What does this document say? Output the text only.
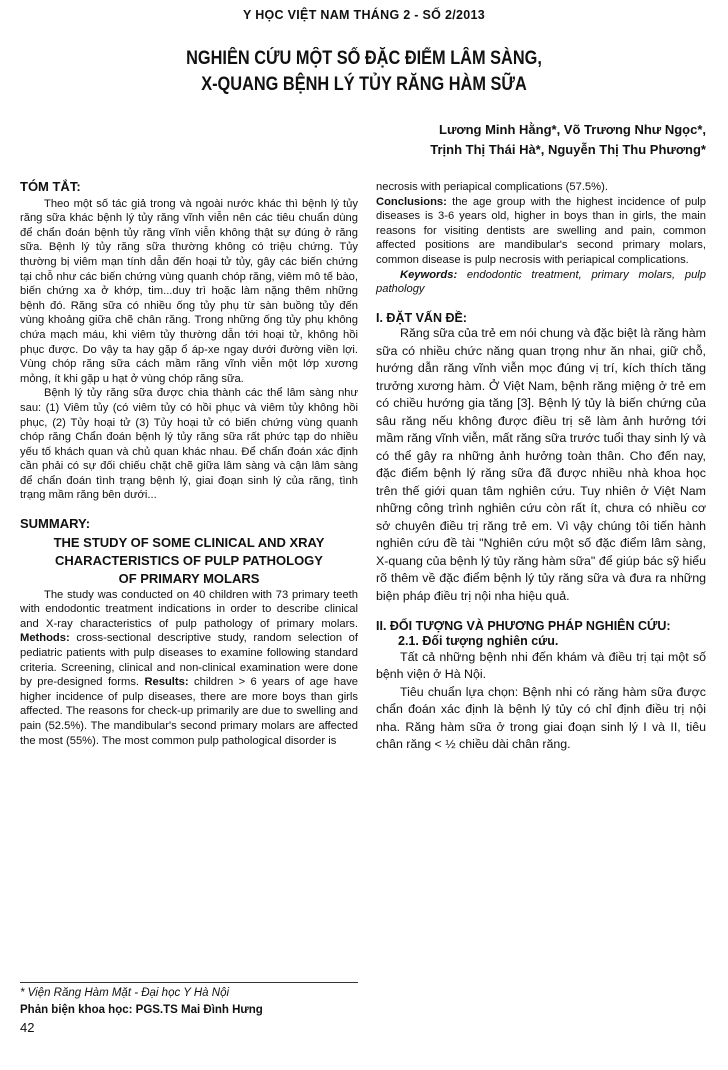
Y HỌC VIỆT NAM THÁNG 2 - SỐ 2/2013
NGHIÊN CỨU MỘT SỐ ĐẶC ĐIỂM LÂM SÀNG,
X-QUANG BỆNH LÝ TỦY RĂNG HÀM SỮA
Lương Minh Hằng*, Võ Trương Như Ngọc*,
Trịnh Thị Thái Hà*, Nguyễn Thị Thu Phương*

TÓM TẮT:

Theo một số tác giả trong và ngoài nước khác thì bệnh lý tủy răng sữa khác bệnh lý tủy răng vĩnh viễn nên các tiêu chuẩn dùng để chẩn đoán bệnh tủy răng vĩnh viễn không thật sự đúng ở răng sữa. Bệnh lý tủy răng sữa thường không có triệu chứng. Tủy thường bị viêm mạn tính dẫn đến hoại tử tủy, gây các biến chứng tại chỗ như các biến chứng vùng quanh chóp răng, viêm mô tế bào, biến chứng xa ở khớp, tim...duy trì hoặc làm nặng thêm những bệnh đó. Răng sữa có nhiều ống tủy phụ từ sàn buồng tủy đến vùng khoảng giữa chẽ chân răng. Trong những ống tủy phụ không chứa mạch máu, khi viêm tủy thường dẫn tới hoại tử, không hồi phục được. Do vậy ta hay gặp ổ áp-xe ngay dưới đường viền lợi. Vùng chóp răng sữa cách mầm răng vĩnh viễn một lớp xương mỏng, ít khi gặp u hạt ở vùng chóp răng sữa.

Bệnh lý tủy răng sữa được chia thành các thể lâm sàng như sau: (1) Viêm tủy (có viêm tủy có hồi phục và viêm tủy không hồi phục, (2) Tủy hoại tử (3) Tủy hoại tử có biến chứng vùng quanh chóp răng Chẩn đoán bệnh lý tủy răng sữa rất phức tạp do nhiều yếu tố khách quan và chủ quan khác nhau. Để chẩn đoán xác định cần phải có sự đối chiếu chặt chẽ giữa lâm sàng và cận lâm sàng để chẩn đoán tình trạng bệnh lý, giai đoạn sinh lý của răng, tình trạng mầm răng bên dưới...

SUMMARY:

THE STUDY OF SOME CLINICAL AND XRAY

CHARACTERISTICS OF PULP PATHOLOGY

OF PRIMARY MOLARS

The study was conducted on 40 children with 73 primary teeth with endodontic treatment indications in order to describe clinical and X-ray characteristics of pulp pathology of primary molars. Methods: cross-sectional descriptive study, random selection of pediatric patients with pulp diseases to examine following standard criteria. Screening, clinical and non-clinical examination were done by pre-designed forms. Results: children > 6 years of age have higher incidence of pulp diseases, there are more boys than girls affected. The reasons for check-up primarily are due to swelling and pain (52.5%). The mandibular's second primary molars are affected the most (55%). The most common pulp pathological disorder is

necrosis with periapical complications (57.5%).

Conclusions: the age group with the highest incidence of pulp diseases is 3-6 years old, higher in boys than in girls, the main reasons for visiting dentists are swelling and pain, common affected positions are mandibular's second primary molars, common disease is pulp necrosis with periapical complications.

Keywords: endodontic treatment, primary molars, pulp pathology

I. ĐẶT VẤN ĐỀ:

Răng sữa của trẻ em nói chung và đặc biệt là răng hàm sữa có nhiều chức năng quan trọng như ăn nhai, giữ chỗ, hướng dẫn răng vĩnh viễn mọc đúng vị trí, kích thích tăng trưởng xương hàm. Ở Việt Nam, bệnh răng miệng ở trẻ em có chiều hướng gia tăng [3]. Bệnh lý tủy là biến chứng của sâu răng nếu không được điều trị sẽ làm ảnh hưởng tới mầm răng vĩnh viễn, mất răng sữa trước tuổi thay sinh lý và có thể gây ra những ảnh hưởng toàn thân. Cho đến nay, đặc điểm bệnh lý răng sữa đã được nhiều nhà khoa học trên thế giới quan tâm nghiên cứu. Tuy nhiên ở Việt Nam những công trình nghiên cứu còn rất ít, chưa có nhiều cơ sở chuyên điều trị răng trẻ em. Vì vậy chúng tôi tiến hành nghiên cứu đề tài "Nghiên cứu một số đặc điểm lâm sàng, X-quang của bệnh lý tủy răng hàm sữa" để giúp bác sỹ hiểu rõ thêm về đặc điểm bệnh lý tủy răng sữa và đưa ra những biện pháp điều trị nội nha hiệu quả.

II. ĐỐI TƯỢNG VÀ PHƯƠNG PHÁP NGHIÊN CỨU:

2.1. Đối tượng nghiên cứu.

Tất cả những bệnh nhi đến khám và điều trị tại một số bệnh viện ở Hà Nội.

Tiêu chuẩn lựa chọn: Bệnh nhi có răng hàm sữa được chẩn đoán xác định là bệnh lý tủy có chỉ định điều trị nội nha. Răng hàm sữa ở trong giai đoạn sinh lý I và II, tiêu chân răng < ½ chiều dài chân răng.

* Viện Răng Hàm Mặt - Đại học Y Hà Nội
Phản biện khoa học: PGS.TS Mai Đình Hưng
42
